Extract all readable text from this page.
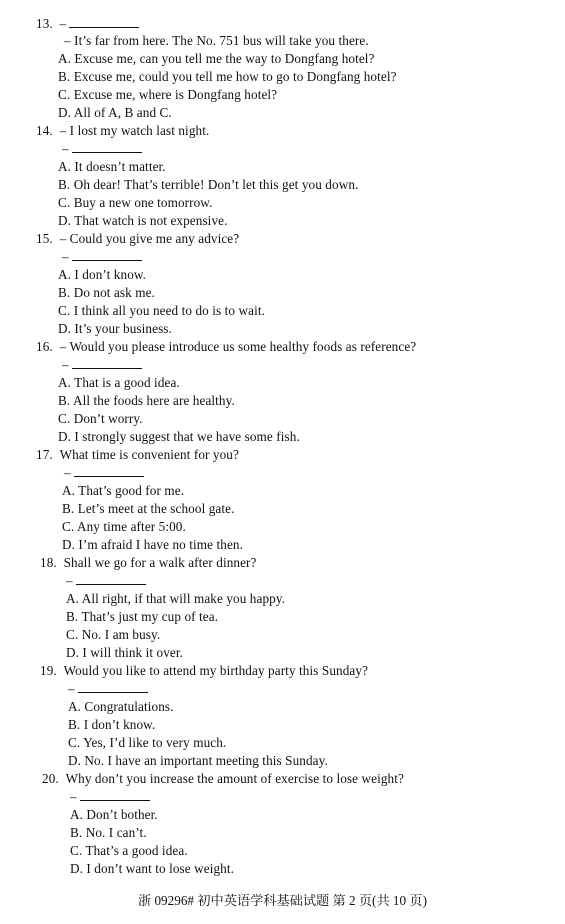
13. –
– It’s far from here. The No. 751 bus will take you there.
A. Excuse me, can you tell me the way to Dongfang hotel?
B. Excuse me, could you tell me how to go to Dongfang hotel?
C. Excuse me, where is Dongfang hotel?
D. All of A, B and C.
14. – I lost my watch last night.
–
A. It doesn’t matter.
B. Oh dear! That’s terrible! Don’t let this get you down.
C. Buy a new one tomorrow.
D. That watch is not expensive.
15. – Could you give me any advice?
–
A. I don’t know.
B. Do not ask me.
C. I think all you need to do is to wait.
D. It’s your business.
16. – Would you please introduce us some healthy foods as reference?
–
A. That is a good idea.
B. All the foods here are healthy.
C. Don’t worry.
D. I strongly suggest that we have some fish.
17. What time is convenient for you?
–
A. That’s good for me.
B. Let’s meet at the school gate.
C. Any time after 5:00.
D. I’m afraid I have no time then.
18. Shall we go for a walk after dinner?
–
A. All right, if that will make you happy.
B. That’s just my cup of tea.
C. No. I am busy.
D. I will think it over.
19. Would you like to attend my birthday party this Sunday?
–
A. Congratulations.
B. I don’t know.
C. Yes, I’d like to very much.
D. No. I have an important meeting this Sunday.
20. Why don’t you increase the amount of exercise to lose weight?
–
A. Don’t bother.
B. No. I can’t.
C. That’s a good idea.
D. I don’t want to lose weight.
浙 09296# 初中英语学科基础试题 第 2 页(共 10 页)
